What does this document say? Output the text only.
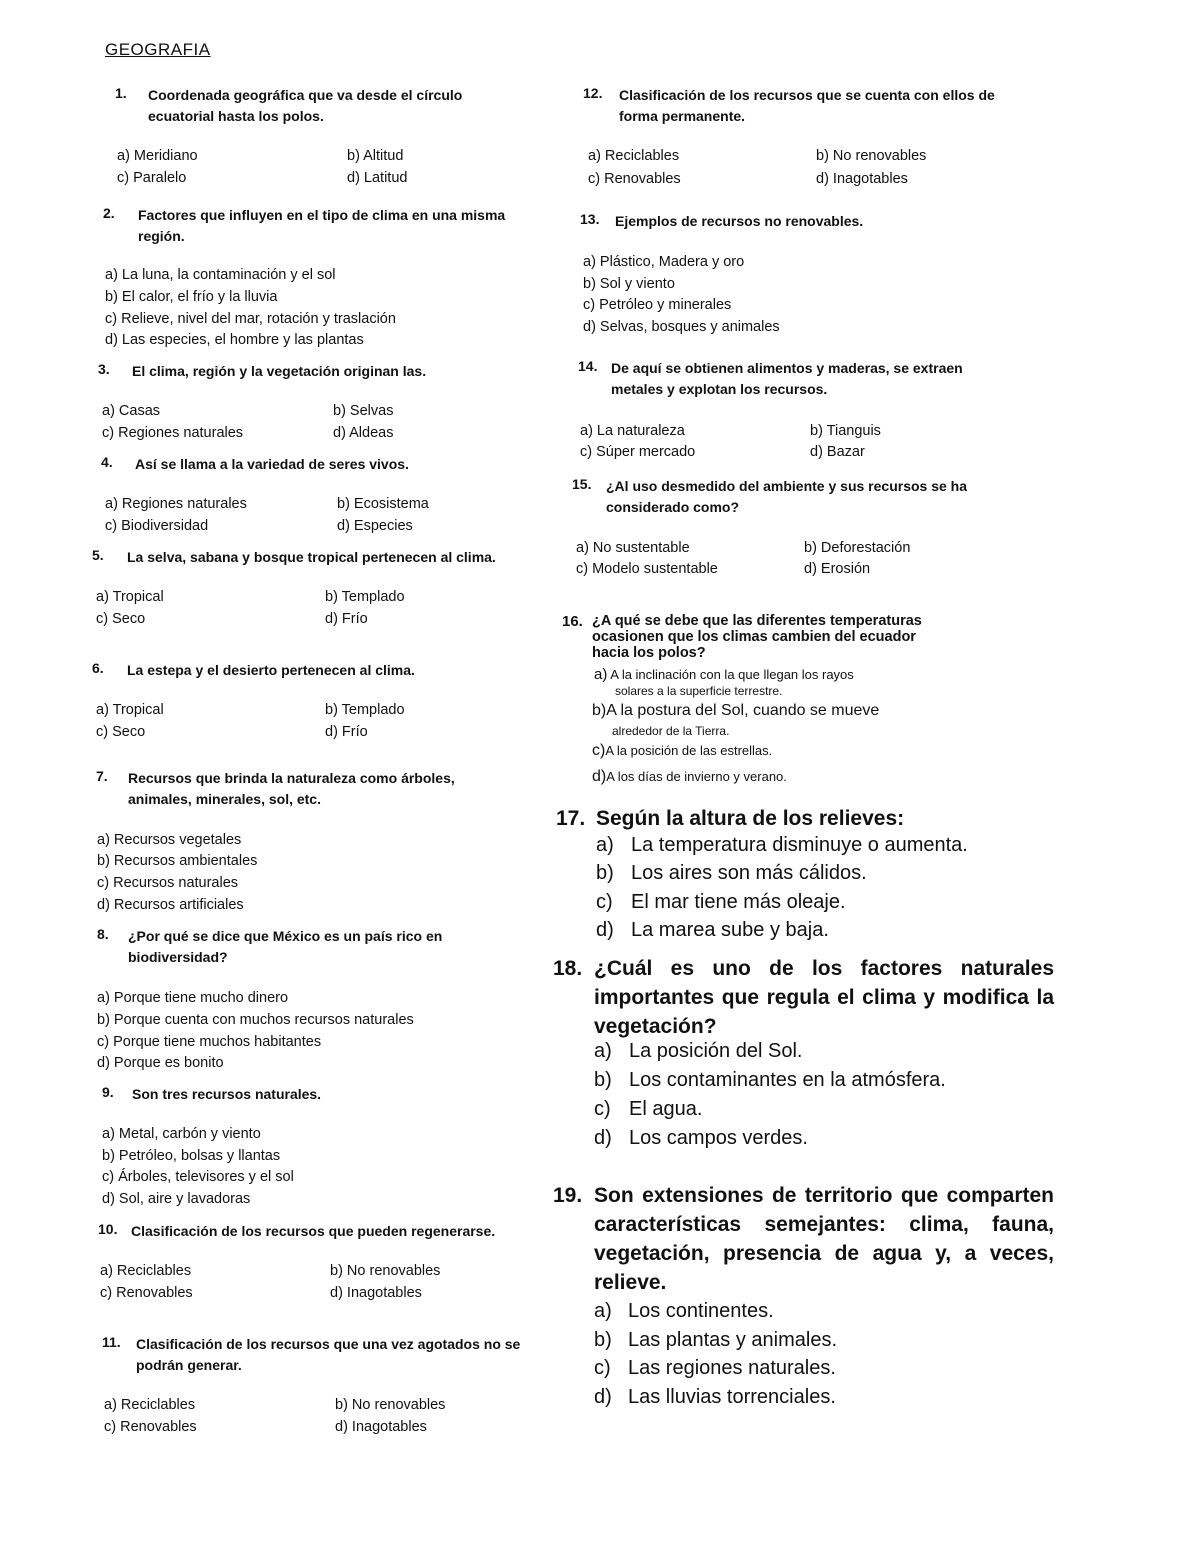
GEOGRAFIA
1. Coordenada geográfica que va desde el círculo ecuatorial hasta los polos.
a) Meridiano	b) Altitud
c) Paralelo	d) Latitud
2. Factores que influyen en el tipo de clima en una misma región.
a) La luna, la contaminación y el sol
b) El calor, el frío y la lluvia
c) Relieve, nivel del mar, rotación y traslación
d) Las especies, el hombre y las plantas
3. El clima, región y la vegetación originan las.
a) Casas	b) Selvas
c) Regiones naturales	d) Aldeas
4. Así se llama a la variedad de seres vivos.
a) Regiones naturales	b) Ecosistema
c) Biodiversidad	d) Especies
5. La selva, sabana y bosque tropical pertenecen al clima.
a) Tropical	b) Templado
c) Seco	d) Frío
6. La estepa y el desierto pertenecen al clima.
a) Tropical	b) Templado
c) Seco	d) Frío
7. Recursos que brinda la naturaleza como árboles, animales, minerales, sol, etc.
a) Recursos vegetales
b) Recursos ambientales
c) Recursos naturales
d) Recursos artificiales
8. ¿Por qué se dice que México es un país rico en biodiversidad?
a) Porque tiene mucho dinero
b) Porque cuenta con muchos recursos naturales
c) Porque tiene muchos habitantes
d) Porque es bonito
9. Son tres recursos naturales.
a) Metal, carbón y viento
b) Petróleo, bolsas y llantas
c) Árboles, televisores y el sol
d) Sol, aire y lavadoras
10. Clasificación de los recursos que pueden regenerarse.
a) Reciclables	b) No renovables
c) Renovables	d) Inagotables
11. Clasificación de los recursos que una vez agotados no se podrán generar.
a) Reciclables	b) No renovables
c) Renovables	d) Inagotables
12. Clasificación de los recursos que se cuenta con ellos de forma permanente.
a) Reciclables	b) No renovables
c) Renovables	d) Inagotables
13. Ejemplos de recursos no renovables.
a) Plástico, Madera y oro
b) Sol y viento
c) Petróleo y minerales
d) Selvas, bosques y animales
14. De aquí se obtienen alimentos y maderas, se extraen metales y explotan los recursos.
a) La naturaleza	b) Tianguis
c) Súper mercado	d) Bazar
15. ¿Al uso desmedido del ambiente y sus recursos se ha considerado como?
a) No sustentable	b) Deforestación
c) Modelo sustentable	d) Erosión
16. ¿A qué se debe que las diferentes temperaturas ocasionen que los climas cambien del ecuador hacia los polos?
a) A la inclinación con la que llegan los rayos
solares a la superficie terrestre.
b)A la postura del Sol, cuando se mueve
alrededor de la Tierra.
c)A la posición de las estrellas.
d)A los días de invierno y verano.
17. Según la altura de los relieves:
a) La temperatura disminuye o aumenta.
b) Los aires son más cálidos.
c) El mar tiene más oleaje.
d) La marea sube y baja.
18. ¿Cuál es uno de los factores naturales importantes que regula el clima y modifica la vegetación?
a) La posición del Sol.
b) Los contaminantes en la atmósfera.
c) El agua.
d) Los campos verdes.
19. Son extensiones de territorio que comparten características semejantes: clima, fauna, vegetación, presencia de agua y, a veces, relieve.
a) Los continentes.
b) Las plantas y animales.
c) Las regiones naturales.
d) Las lluvias torrenciales.
